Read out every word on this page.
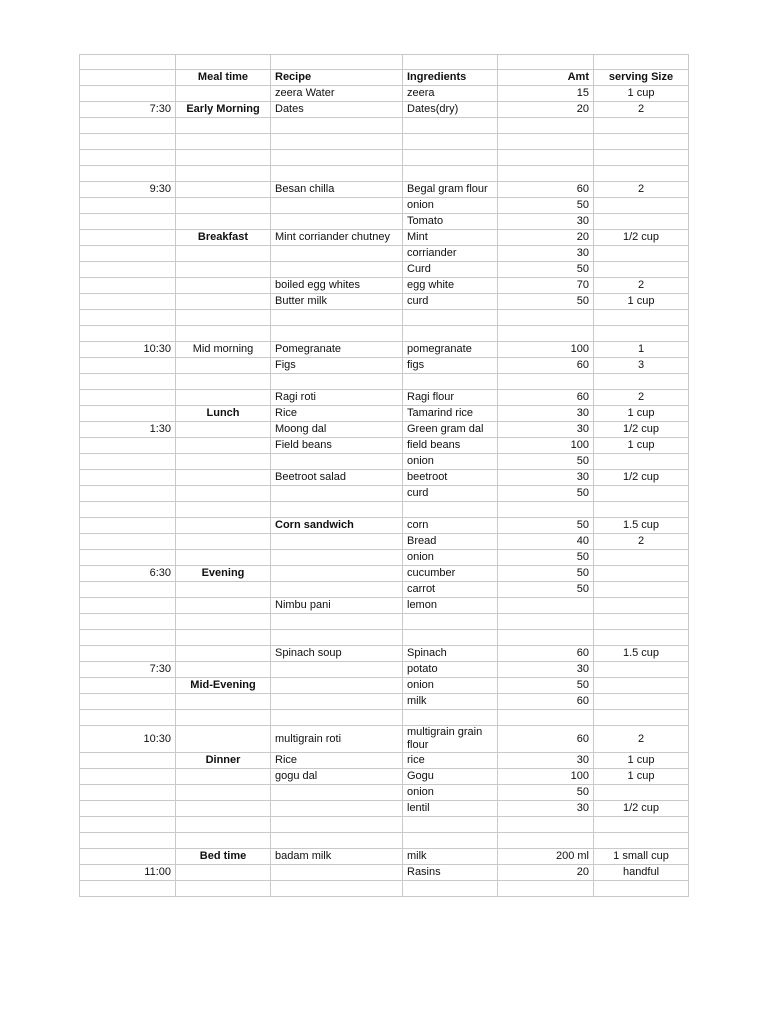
	Meal time	Recipe	Ingredients	Amt	serving Size
		zeera Water	zeera	15	1 cup
7:30	Early Morning	Dates	Dates(dry)	20	2

9:30		Besan chilla	Begal gram flour	60	2
			onion	50	
			Tomato	30	
	Breakfast	Mint corriander chutney	Mint	20	1/2 cup
			corriander	30	
			Curd	50	
		boiled egg whites	egg white	70	2
		Butter milk	curd	50	1 cup

10:30	Mid morning	Pomegranate	pomegranate	100	1
		Figs	figs	60	3

		Ragi roti	Ragi flour	60	2
	Lunch	Rice	Tamarind rice	30	1 cup
1:30		Moong dal	Green gram dal	30	1/2 cup
		Field beans	field beans	100	1 cup
			onion	50	
		Beetroot salad	beetroot	30	1/2 cup
			curd	50	

		Corn sandwich	corn	50	1.5 cup
			Bread	40	2
			onion	50	
6:30	Evening		cucumber	50	
			carrot	50	
		Nimbu pani	lemon		

		Spinach soup	Spinach	60	1.5 cup
7:30			potato	30	
	Mid-Evening		onion	50	
			milk	60	

10:30		multigrain roti	multigrain grain flour	60	2
	Dinner	Rice	rice	30	1 cup
		gogu dal	Gogu	100	1 cup
			onion	50	
			lentil	30	1/2 cup

	Bed time	badam milk	milk	200 ml	1 small cup
11:00			Rasins	20	handful
